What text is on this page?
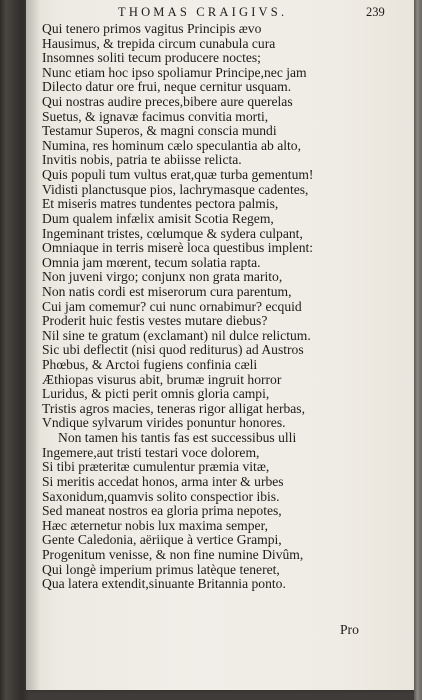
THOMAS CRAIGIVS.	239
Qui tenero primos vagitus Principis ævo
Hausimus, & trepida circum cunabula cura
Insomnes soliti tecum producere noctes;
Nunc etiam hoc ipso spoliamur Principe,nec jam
Dilecto datur ore frui, neque cernitur usquam.
Qui nostras audire preces,bibere aure querelas
Suetus, & ignavæ facimus convitia morti,
Testamur Superos, & magni conscia mundi
Numina, res hominum cælo speculantia ab alto,
Invitis nobis, patria te abiisse relicta.
Quis populi tum vultus erat,quæ turba gementum!
Vidisti planctusque pios, lachrymasque cadentes,
Et miseris matres tundentes pectora palmis,
Dum qualem infælix amisit Scotia Regem,
Ingeminant tristes, cœlumque & sydera culpant,
Omniaque in terris miserè loca questibus implent:
Omnia jam mœrent, tecum solatia rapta.
Non juveni virgo; conjunx non grata marito,
Non natis cordi est miserorum cura parentum,
Cui jam comemur? cui nunc ornabimur? ecquid
Proderit huic festis vestes mutare diebus?
Nil sine te gratum (exclamant) nil dulce relictum.
Sic ubi deflectit (nisi quod rediturus) ad Austros
Phœbus, & Arctoi fugiens confinia cæli
Æthiopas visurus abit, brumæ ingruit horror
Luridus, & picti perit omnis gloria campi,
Tristis agros macies, teneras rigor alligat herbas,
Vndique sylvarum virides ponuntur honores.
Non tamen his tantis fas est successibus ulli
Ingemere,aut tristi testari voce dolorem,
Si tibi præteritæ cumulentur præmia vitæ,
Si meritis accedat honos, arma inter & urbes
Saxonidum,quamvis solito conspectior ibis.
Sed maneat nostros ea gloria prima nepotes,
Hæc æternetur nobis lux maxima semper,
Gente Caledonia, aëriique à vertice Grampi,
Progenitum venisse, & non fine numine Divûm,
Qui longè imperium primus latèque teneret,
Qua latera extendit,sinuante Britannia ponto.
Pro
